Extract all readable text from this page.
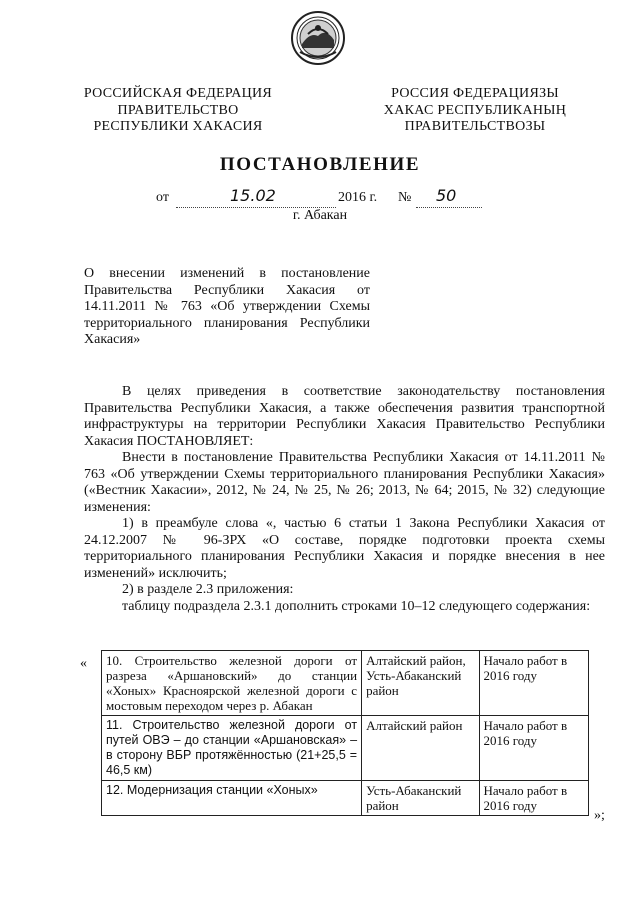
РОССИЙСКАЯ ФЕДЕРАЦИЯ
ПРАВИТЕЛЬСТВО
РЕСПУБЛИКИ ХАКАСИЯ
РОССИЯ ФЕДЕРАЦИЯЗЫ
ХАКАС РЕСПУБЛИКАНЫҢ
ПРАВИТЕЛЬСТВОЗЫ
ПОСТАНОВЛЕНИЕ
от	15.02	2016 г. № 50
г. Абакан
О внесении изменений в постановление Правительства Республики Хакасия от 14.11.2011 № 763 «Об утверждении Схемы территориального планирования Республики Хакасия»

В целях приведения в соответствие законодательству постановления Правительства Республики Хакасия, а также обеспечения развития транспортной инфраструктуры на территории Республики Хакасия Правительство Республики Хакасия ПОСТАНОВЛЯЕТ:

Внести в постановление Правительства Республики Хакасия от 14.11.2011 № 763 «Об утверждении Схемы территориального планирования Республики Хакасия» («Вестник Хакасии», 2012, № 24, № 25, № 26; 2013, № 64; 2015, № 32) следующие изменения:

1) в преамбуле слова «, частью 6 статьи 1 Закона Республики Хакасия от 24.12.2007 № 96-ЗРХ «О составе, порядке подготовки проекта схемы территориального планирования Республики Хакасия и порядке внесения в нее изменений» исключить;

2) в разделе 2.3 приложения:

таблицу подраздела 2.3.1 дополнить строками 10–12 следующего содержания:

« 10. Строительство железной дороги от разреза «Аршановский» до станции «Хоных» Красноярской железной дороги с мостовым переходом через р. Абакан	Алтайский район, Усть-Абаканский район	Начало работ в 2016 году
11. Строительство железной дороги от путей ОВЭ – до станции «Аршановская» – в сторону ВБР протяжённостью (21+25,5 = 46,5 км)	Алтайский район	Начало работ в 2016 году
12. Модернизация станции «Хоных»	Усть-Абаканский район	Начало работ в 2016 году
»;
